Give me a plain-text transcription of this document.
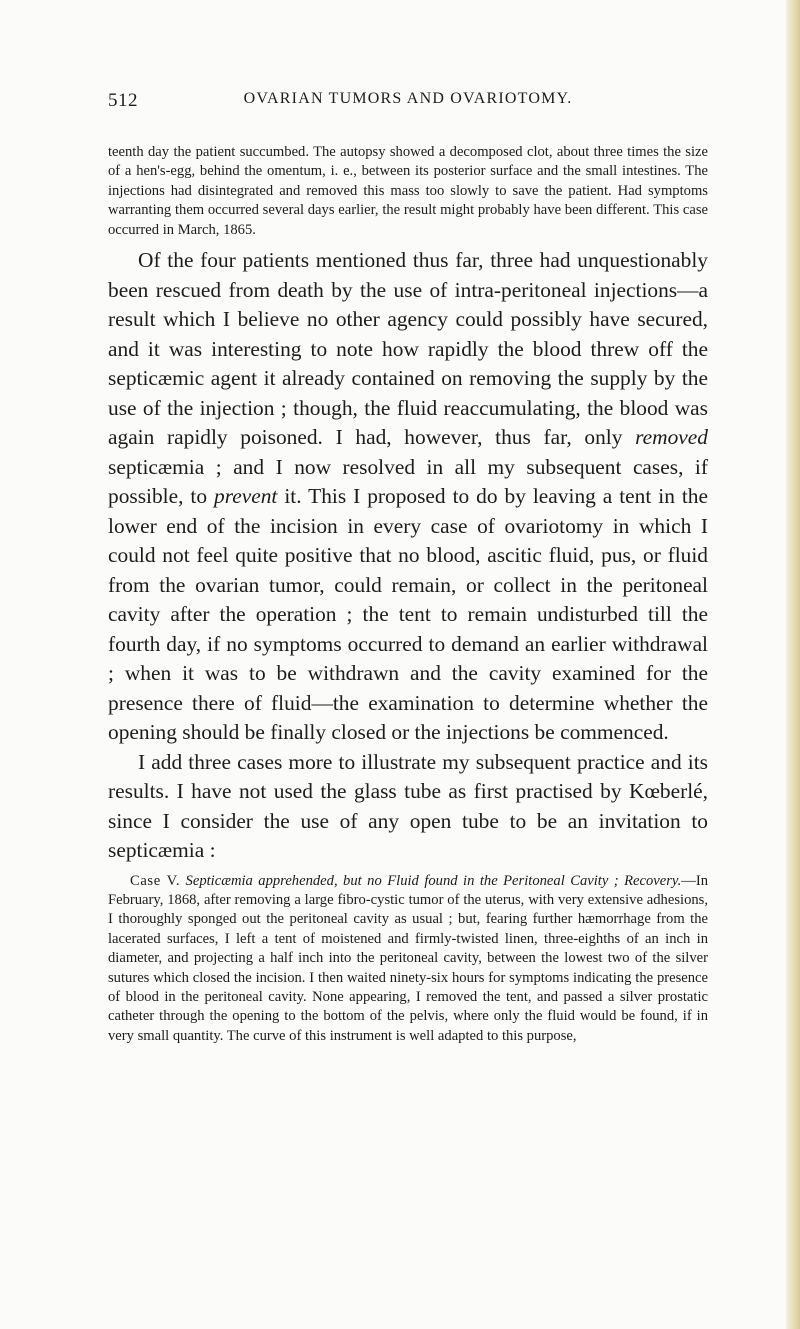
512	OVARIAN TUMORS AND OVARIOTOMY.

teenth day the patient succumbed. The autopsy showed a decomposed clot, about three times the size of a hen's-egg, behind the omentum, i. e., between its posterior surface and the small intestines. The injections had disintegrated and removed this mass too slowly to save the patient. Had symptoms warranting them occurred several days earlier, the result might probably have been different. This case occurred in March, 1865.

Of the four patients mentioned thus far, three had unquestionably been rescued from death by the use of intra-peritoneal injections—a result which I believe no other agency could possibly have secured, and it was interesting to note how rapidly the blood threw off the septicæmic agent it already contained on removing the supply by the use of the injection ; though, the fluid reaccumulating, the blood was again rapidly poisoned. I had, however, thus far, only removed septicæmia ; and I now resolved in all my subsequent cases, if possible, to prevent it. This I proposed to do by leaving a tent in the lower end of the incision in every case of ovariotomy in which I could not feel quite positive that no blood, ascitic fluid, pus, or fluid from the ovarian tumor, could remain, or collect in the peritoneal cavity after the operation ; the tent to remain undisturbed till the fourth day, if no symptoms occurred to demand an earlier withdrawal ; when it was to be withdrawn and the cavity examined for the presence there of fluid—the examination to determine whether the opening should be finally closed or the injections be commenced.

I add three cases more to illustrate my subsequent practice and its results. I have not used the glass tube as first practised by Kœberlé, since I consider the use of any open tube to be an invitation to septicæmia :

Case V. Septicæmia apprehended, but no Fluid found in the Peritoneal Cavity ; Recovery.—In February, 1868, after removing a large fibro-cystic tumor of the uterus, with very extensive adhesions, I thoroughly sponged out the peritoneal cavity as usual ; but, fearing further hæmorrhage from the lacerated surfaces, I left a tent of moistened and firmly-twisted linen, three-eighths of an inch in diameter, and projecting a half inch into the peritoneal cavity, between the lowest two of the silver sutures which closed the incision. I then waited ninety-six hours for symptoms indicating the presence of blood in the peritoneal cavity. None appearing, I removed the tent, and passed a silver prostatic catheter through the opening to the bottom of the pelvis, where only the fluid would be found, if in very small quantity. The curve of this instrument is well adapted to this purpose,
